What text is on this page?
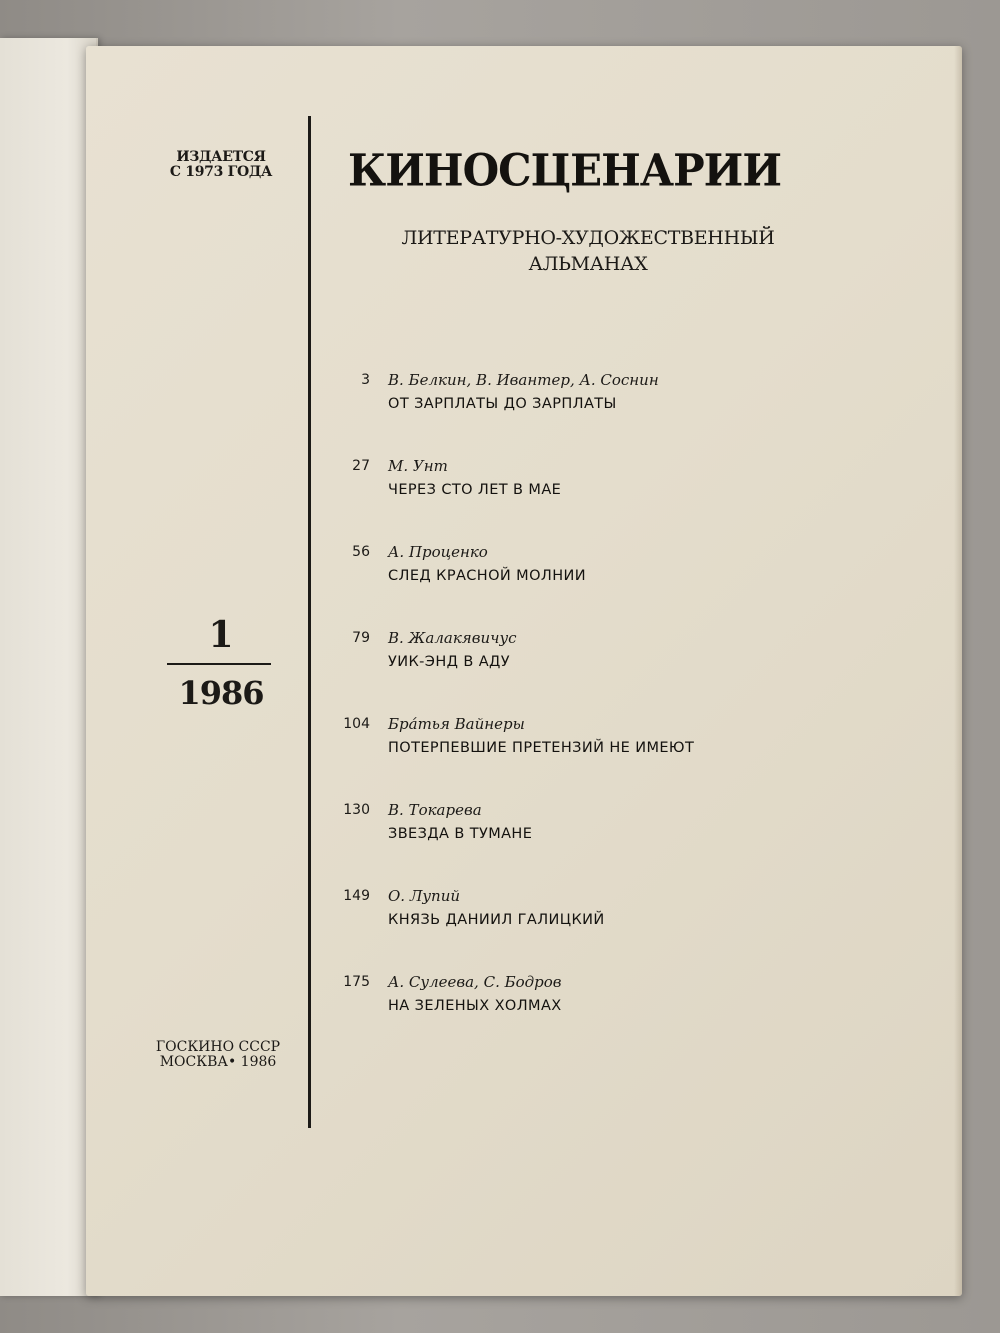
ИЗДАЕТСЯ
С 1973 ГОДА
1
1986
ГОСКИНО СССР
МОСКВА• 1986
КИНОСЦЕНАРИИ
ЛИТЕРАТУРНО-ХУДОЖЕСТВЕННЫЙ
АЛЬМАНАХ
3 В. Белкин, В. Ивантер, А. Соснин
ОТ ЗАРПЛАТЫ ДО ЗАРПЛАТЫ
27 М. Унт
ЧЕРЕЗ СТО ЛЕТ В МАЕ
56 А. Проценко
СЛЕД КРАСНОЙ МОЛНИИ
79 В. Жалакявичус
УИК-ЭНД В АДУ
104 Бра́тья Вайнеры
ПОТЕРПЕВШИЕ ПРЕТЕНЗИЙ НЕ ИМЕЮТ
130 В. Токарева
ЗВЕЗДА В ТУМАНЕ
149 О. Лупий
КНЯЗЬ ДАНИИЛ ГАЛИЦКИЙ
175 А. Сулеева, С. Бодров
НА ЗЕЛЕНЫХ ХОЛМАХ
